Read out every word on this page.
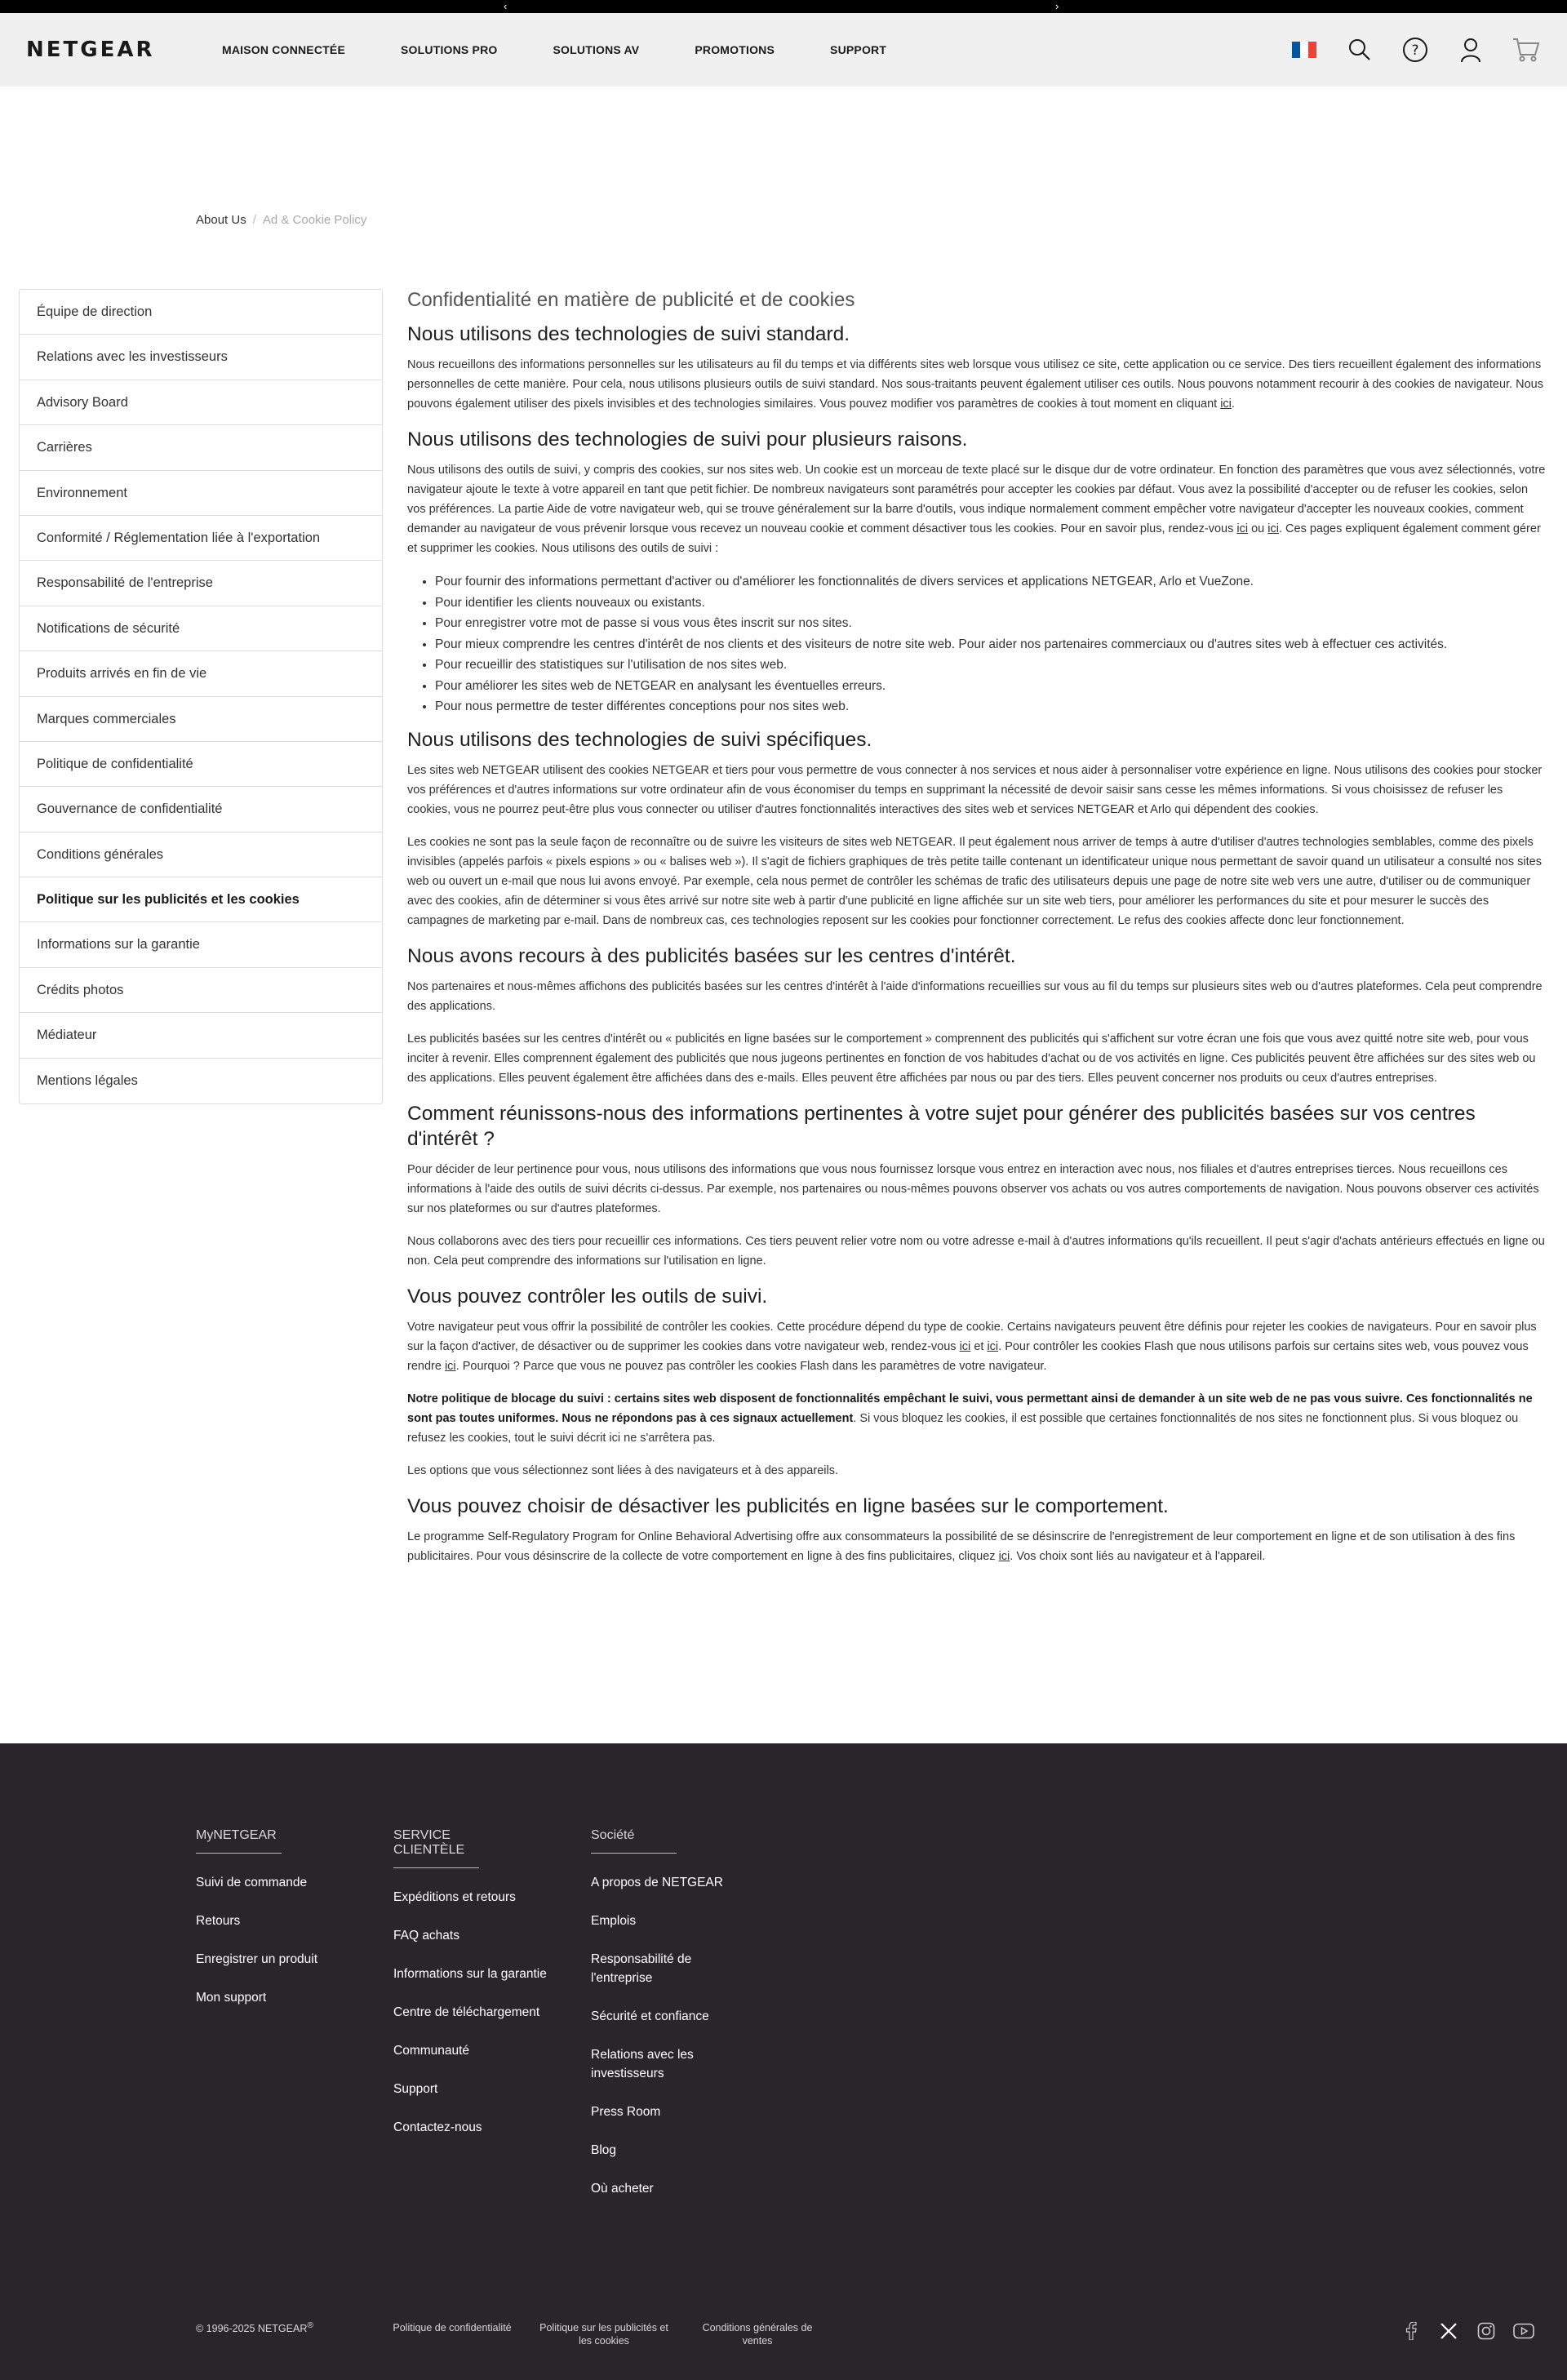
‹	›
NETGEAR	MAISON CONNECTÉE	SOLUTIONS PRO	SOLUTIONS AV	PROMOTIONS	SUPPORT	?
About Us / Ad & Cookie Policy
Équipe de direction
Relations avec les investisseurs
Advisory Board
Carrières
Environnement
Conformité / Réglementation liée à l'exportation
Responsabilité de l'entreprise
Notifications de sécurité
Produits arrivés en fin de vie
Marques commerciales
Politique de confidentialité
Gouvernance de confidentialité
Conditions générales
Politique sur les publicités et les cookies
Informations sur la garantie
Crédits photos
Médiateur
Mentions légales
Confidentialité en matière de publicité et de cookies
Nous utilisons des technologies de suivi standard.

Nous recueillons des informations personnelles sur les utilisateurs au fil du temps et via différents sites web lorsque vous utilisez ce site, cette application ou ce service. Des tiers recueillent également des informations personnelles de cette manière. Pour cela, nous utilisons plusieurs outils de suivi standard. Nos sous-traitants peuvent également utiliser ces outils. Nous pouvons notamment recourir à des cookies de navigateur. Nous pouvons également utiliser des pixels invisibles et des technologies similaires. Vous pouvez modifier vos paramètres de cookies à tout moment en cliquant ici.

Nous utilisons des technologies de suivi pour plusieurs raisons.

Nous utilisons des outils de suivi, y compris des cookies, sur nos sites web. Un cookie est un morceau de texte placé sur le disque dur de votre ordinateur. En fonction des paramètres que vous avez sélectionnés, votre navigateur ajoute le texte à votre appareil en tant que petit fichier. De nombreux navigateurs sont paramétrés pour accepter les cookies par défaut. Vous avez la possibilité d'accepter ou de refuser les cookies, selon vos préférences. La partie Aide de votre navigateur web, qui se trouve généralement sur la barre d'outils, vous indique normalement comment empêcher votre navigateur d'accepter les nouveaux cookies, comment demander au navigateur de vous prévenir lorsque vous recevez un nouveau cookie et comment désactiver tous les cookies. Pour en savoir plus, rendez-vous ici ou ici. Ces pages expliquent également comment gérer et supprimer les cookies. Nous utilisons des outils de suivi :

• Pour fournir des informations permettant d'activer ou d'améliorer les fonctionnalités de divers services et applications NETGEAR, Arlo et VueZone.
• Pour identifier les clients nouveaux ou existants.
• Pour enregistrer votre mot de passe si vous vous êtes inscrit sur nos sites.
• Pour mieux comprendre les centres d'intérêt de nos clients et des visiteurs de notre site web. Pour aider nos partenaires commerciaux ou d'autres sites web à effectuer ces activités.
• Pour recueillir des statistiques sur l'utilisation de nos sites web.
• Pour améliorer les sites web de NETGEAR en analysant les éventuelles erreurs.
• Pour nous permettre de tester différentes conceptions pour nos sites web.
Nous utilisons des technologies de suivi spécifiques.

Les sites web NETGEAR utilisent des cookies NETGEAR et tiers pour vous permettre de vous connecter à nos services et nous aider à personnaliser votre expérience en ligne. Nous utilisons des cookies pour stocker vos préférences et d'autres informations sur votre ordinateur afin de vous économiser du temps en supprimant la nécessité de devoir saisir sans cesse les mêmes informations. Si vous choisissez de refuser les cookies, vous ne pourrez peut-être plus vous connecter ou utiliser d'autres fonctionnalités interactives des sites web et services NETGEAR et Arlo qui dépendent des cookies.

Les cookies ne sont pas la seule façon de reconnaître ou de suivre les visiteurs de sites web NETGEAR. Il peut également nous arriver de temps à autre d'utiliser d'autres technologies semblables, comme des pixels invisibles (appelés parfois « pixels espions » ou « balises web »). Il s'agit de fichiers graphiques de très petite taille contenant un identificateur unique nous permettant de savoir quand un utilisateur a consulté nos sites web ou ouvert un e-mail que nous lui avons envoyé. Par exemple, cela nous permet de contrôler les schémas de trafic des utilisateurs depuis une page de notre site web vers une autre, d'utiliser ou de communiquer avec des cookies, afin de déterminer si vous êtes arrivé sur notre site web à partir d'une publicité en ligne affichée sur un site web tiers, pour améliorer les performances du site et pour mesurer le succès des campagnes de marketing par e-mail. Dans de nombreux cas, ces technologies reposent sur les cookies pour fonctionner correctement. Le refus des cookies affecte donc leur fonctionnement.

Nous avons recours à des publicités basées sur les centres d'intérêt.

Nos partenaires et nous-mêmes affichons des publicités basées sur les centres d'intérêt à l'aide d'informations recueillies sur vous au fil du temps sur plusieurs sites web ou d'autres plateformes. Cela peut comprendre des applications.

Les publicités basées sur les centres d'intérêt ou « publicités en ligne basées sur le comportement » comprennent des publicités qui s'affichent sur votre écran une fois que vous avez quitté notre site web, pour vous inciter à revenir. Elles comprennent également des publicités que nous jugeons pertinentes en fonction de vos habitudes d'achat ou de vos activités en ligne. Ces publicités peuvent être affichées sur des sites web ou des applications. Elles peuvent également être affichées dans des e-mails. Elles peuvent être affichées par nous ou par des tiers. Elles peuvent concerner nos produits ou ceux d'autres entreprises.

Comment réunissons-nous des informations pertinentes à votre sujet pour générer des publicités basées sur vos centres d'intérêt ?

Pour décider de leur pertinence pour vous, nous utilisons des informations que vous nous fournissez lorsque vous entrez en interaction avec nous, nos filiales et d'autres entreprises tierces. Nous recueillons ces informations à l'aide des outils de suivi décrits ci-dessus. Par exemple, nos partenaires ou nous-mêmes pouvons observer vos achats ou vos autres comportements de navigation. Nous pouvons observer ces activités sur nos plateformes ou sur d'autres plateformes.

Nous collaborons avec des tiers pour recueillir ces informations. Ces tiers peuvent relier votre nom ou votre adresse e-mail à d'autres informations qu'ils recueillent. Il peut s'agir d'achats antérieurs effectués en ligne ou non. Cela peut comprendre des informations sur l'utilisation en ligne.

Vous pouvez contrôler les outils de suivi.

Votre navigateur peut vous offrir la possibilité de contrôler les cookies. Cette procédure dépend du type de cookie. Certains navigateurs peuvent être définis pour rejeter les cookies de navigateurs. Pour en savoir plus sur la façon d'activer, de désactiver ou de supprimer les cookies dans votre navigateur web, rendez-vous ici et ici. Pour contrôler les cookies Flash que nous utilisons parfois sur certains sites web, vous pouvez vous rendre ici. Pourquoi ? Parce que vous ne pouvez pas contrôler les cookies Flash dans les paramètres de votre navigateur.

Notre politique de blocage du suivi : certains sites web disposent de fonctionnalités empêchant le suivi, vous permettant ainsi de demander à un site web de ne pas vous suivre. Ces fonctionnalités ne sont pas toutes uniformes. Nous ne répondons pas à ces signaux actuellement. Si vous bloquez les cookies, il est possible que certaines fonctionnalités de nos sites ne fonctionnent plus. Si vous bloquez ou refusez les cookies, tout le suivi décrit ici ne s'arrêtera pas.

Les options que vous sélectionnez sont liées à des navigateurs et à des appareils.

Vous pouvez choisir de désactiver les publicités en ligne basées sur le comportement.

Le programme Self-Regulatory Program for Online Behavioral Advertising offre aux consommateurs la possibilité de se désinscrire de l'enregistrement de leur comportement en ligne et de son utilisation à des fins publicitaires. Pour vous désinscrire de la collecte de votre comportement en ligne à des fins publicitaires, cliquez ici. Vos choix sont liés au navigateur et à l'appareil.

MyNETGEAR
Suivi de commande
Retours
Enregistrer un produit
Mon support
SERVICE CLIENTÈLE
Expéditions et retours
FAQ achats
Informations sur la garantie
Centre de téléchargement
Communauté
Support
Contactez-nous
Société
A propos de NETGEAR
Emplois
Responsabilité de l'entreprise
Sécurité et confiance
Relations avec les investisseurs
Press Room
Blog
Où acheter
© 1996-2025 NETGEAR®	Politique de confidentialité	Politique sur les publicités et les cookies
Conditions générales de ventes
